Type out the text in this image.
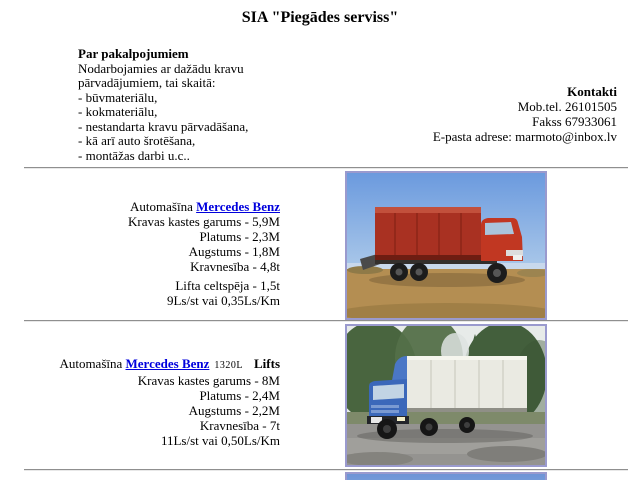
SIA "Piegādes serviss"
Par pakalpojumiem
Nodarbojamies ar dažādu kravu
pārvadājumiem, tai skaitā:
- būvmateriālu,
- kokmateriālu,
- nestandarta kravu pārvadāšana,
- kā arī auto šrotēšana,
- montāžas darbi u.c..
Kontakti
Mob.tel. 26101505
Fakss 67933061
E-pasta adrese: marmoto@inbox.lv
Automašīna Mercedes Benz
Kravas kastes garums - 5,9M
Platums - 2,3M
Augstums - 1,8M
Kravnesība - 4,8t
Lifta celtspēja - 1,5t
9Ls/st vai 0,35Ls/Km
Automašīna Mercedes Benz 1320L Lifts
Kravas kastes garums - 8M
Platums - 2,4M
Augstums - 2,2M
Kravnesība - 7t
11Ls/st vai 0,50Ls/Km
